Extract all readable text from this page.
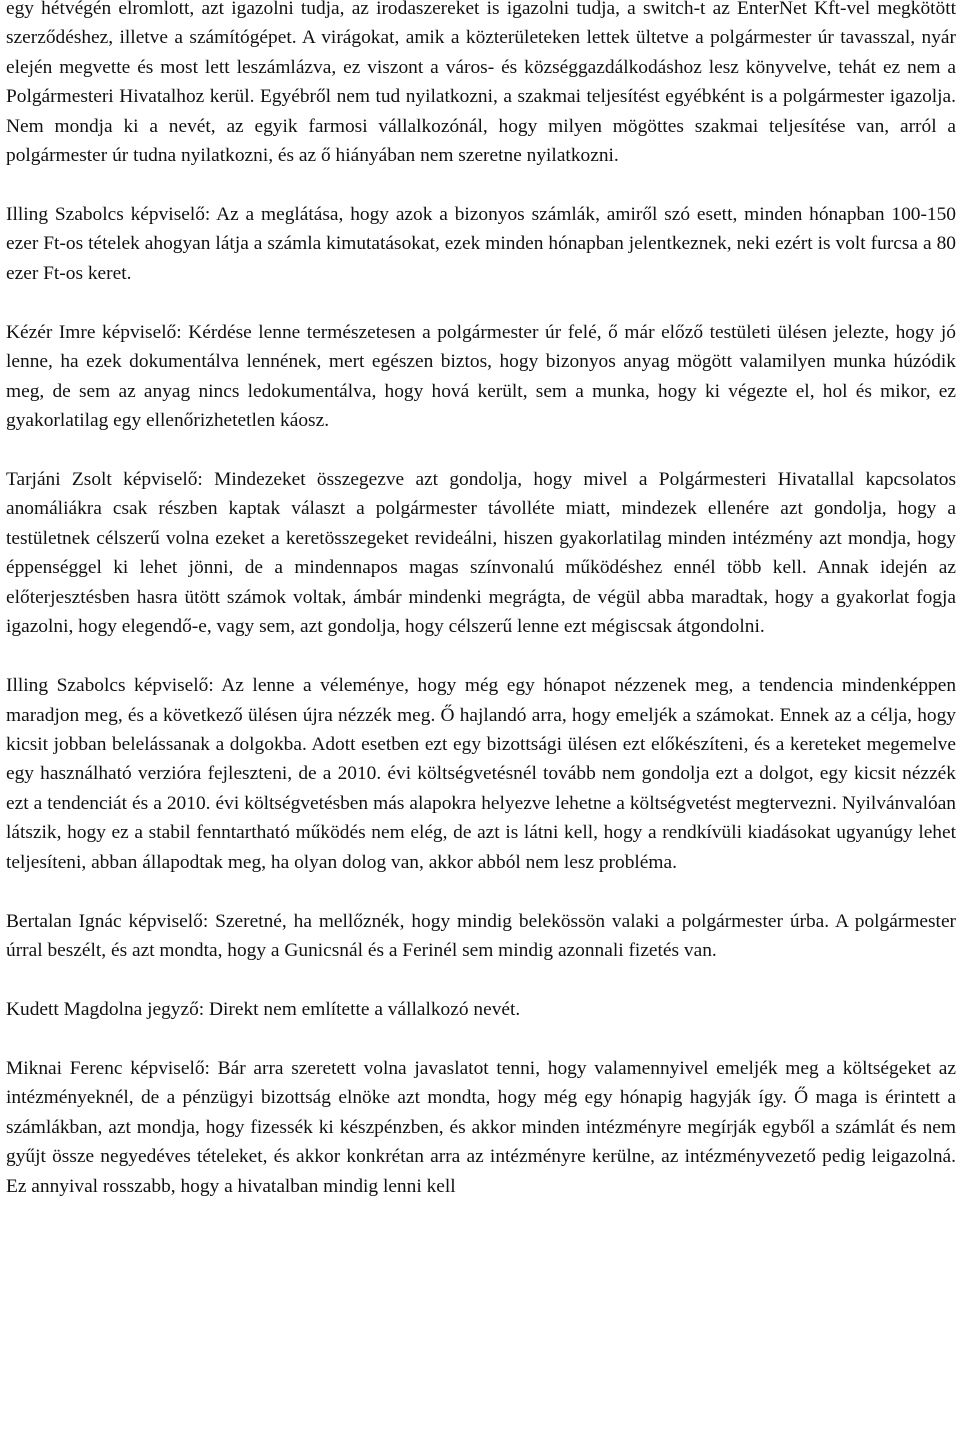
egy hétvégén elromlott, azt igazolni tudja, az irodaszereket is igazolni tudja, a switch-t az EnterNet Kft-vel megkötött szerződéshez, illetve a számítógépet. A virágokat, amik a közterületeken lettek ültetve a polgármester úr tavasszal, nyár elején megvette és most lett leszámlázva, ez viszont a város- és községgazdálkodáshoz lesz könyvelve, tehát ez nem a Polgármesteri Hivatalhoz kerül. Egyébről nem tud nyilatkozni, a szakmai teljesítést egyébként is a polgármester igazolja. Nem mondja ki a nevét, az egyik farmosi vállalkozónál, hogy milyen mögöttes szakmai teljesítése van, arról a polgármester úr tudna nyilatkozni, és az ő hiányában nem szeretne nyilatkozni.

Illing Szabolcs képviselő: Az a meglátása, hogy azok a bizonyos számlák, amiről szó esett, minden hónapban 100-150 ezer Ft-os tételek ahogyan látja a számla kimutatásokat, ezek minden hónapban jelentkeznek, neki ezért is volt furcsa a 80 ezer Ft-os keret.

Kézér Imre képviselő: Kérdése lenne természetesen a polgármester úr felé, ő már előző testületi ülésen jelezte, hogy jó lenne, ha ezek dokumentálva lennének, mert egészen biztos, hogy bizonyos anyag mögött valamilyen munka húzódik meg, de sem az anyag nincs ledokumentálva, hogy hová került, sem a munka, hogy ki végezte el, hol és mikor, ez gyakorlatilag egy ellenőrizhetetlen káosz.

Tarjáni Zsolt képviselő: Mindezeket összegezve azt gondolja, hogy mivel a Polgármesteri Hivatallal kapcsolatos anomáliákra csak részben kaptak választ a polgármester távolléte miatt, mindezek ellenére azt gondolja, hogy a testületnek célszerű volna ezeket a keretösszegeket revideálni, hiszen gyakorlatilag minden intézmény azt mondja, hogy éppenséggel ki lehet jönni, de a mindennapos magas színvonalú működéshez ennél több kell. Annak idején az előterjesztésben hasra ütött számok voltak, ámbár mindenki megrágta, de végül abba maradtak, hogy a gyakorlat fogja igazolni, hogy elegendő-e, vagy sem, azt gondolja, hogy célszerű lenne ezt mégiscsak átgondolni.

Illing Szabolcs képviselő: Az lenne a véleménye, hogy még egy hónapot nézzenek meg, a tendencia mindenképpen maradjon meg, és a következő ülésen újra nézzék meg. Ő hajlandó arra, hogy emeljék a számokat. Ennek az a célja, hogy kicsit jobban belelássanak a dolgokba. Adott esetben ezt egy bizottsági ülésen ezt előkészíteni, és a kereteket megemelve egy használható verzióra fejleszteni, de a 2010. évi költségvetésnél tovább nem gondolja ezt a dolgot, egy kicsit nézzék ezt a tendenciát és a 2010. évi költségvetésben más alapokra helyezve lehetne a költségvetést megtervezni. Nyilvánvalóan látszik, hogy ez a stabil fenntartható működés nem elég, de azt is látni kell, hogy a rendkívüli kiadásokat ugyanúgy lehet teljesíteni, abban állapodtak meg, ha olyan dolog van, akkor abból nem lesz probléma.

Bertalan Ignác képviselő: Szeretné, ha mellőznék, hogy mindig belekössön valaki a polgármester úrba. A polgármester úrral beszélt, és azt mondta, hogy a Gunicsnál és a Ferinél sem mindig azonnali fizetés van.

Kudett Magdolna jegyző: Direkt nem említette a vállalkozó nevét.

Miknai Ferenc képviselő: Bár arra szeretett volna javaslatot tenni, hogy valamennyivel emeljék meg a költségeket az intézményeknél, de a pénzügyi bizottság elnöke azt mondta, hogy még egy hónapig hagyják így. Ő maga is érintett a számlákban, azt mondja, hogy fizessék ki készpénzben, és akkor minden intézményre megírják egyből a számlát és nem gyűjt össze negyedéves tételeket, és akkor konkrétan arra az intézményre kerülne, az intézményvezető pedig leigazolná. Ez annyival rosszabb, hogy a hivatalban mindig lenni kell
